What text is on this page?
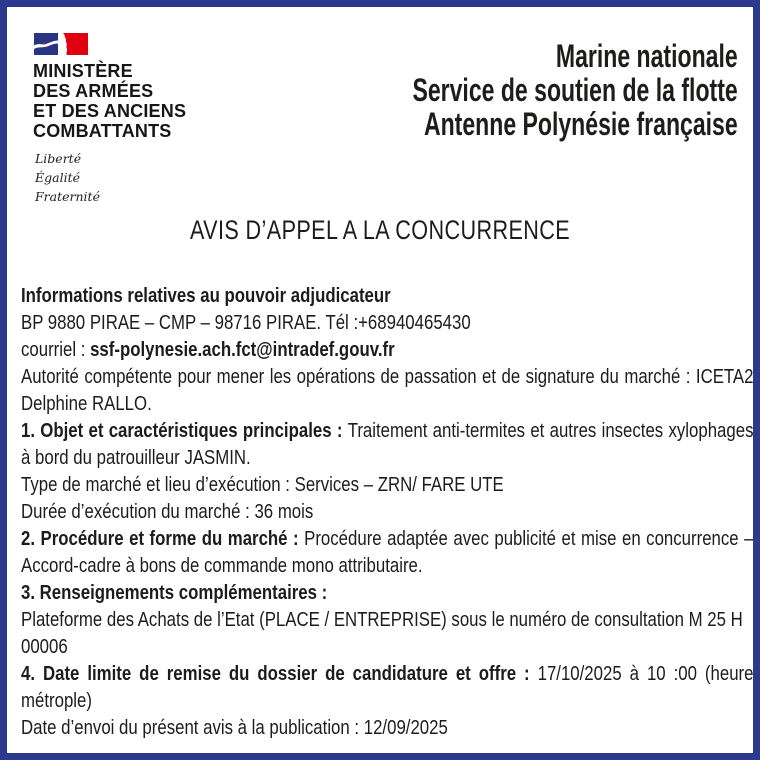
MINISTÈRE
DES ARMÉES
ET DES ANCIENS
COMBATTANTS
Liberté
Égalité
Fraternité
Marine nationale
Service de soutien de la flotte
Antenne Polynésie française
AVIS D’APPEL A LA CONCURRENCE

Informations relatives au pouvoir adjudicateur

BP 9880 PIRAE – CMP – 98716 PIRAE. Tél :+68940465430

courriel : ssf-polynesie.ach.fct@intradef.gouv.fr

Autorité compétente pour mener les opérations de passation et de signature du marché : ICETA2 Delphine RALLO.

1. Objet et caractéristiques principales : Traitement anti-termites et autres insectes xylophages à bord du patrouilleur JASMIN.

Type de marché et lieu d’exécution : Services – ZRN/ FARE UTE

Durée d’exécution du marché : 36 mois

2. Procédure et forme du marché : Procédure adaptée avec publicité et mise en concurrence – Accord-cadre à bons de commande mono attributaire.

3. Renseignements complémentaires :

Plateforme des Achats de l’Etat (PLACE / ENTREPRISE) sous le numéro de consultation M 25 H 00006

4. Date limite de remise du dossier de candidature et offre : 17/10/2025 à 10 :00 (heure métrople)

Date d’envoi du présent avis à la publication : 12/09/2025
